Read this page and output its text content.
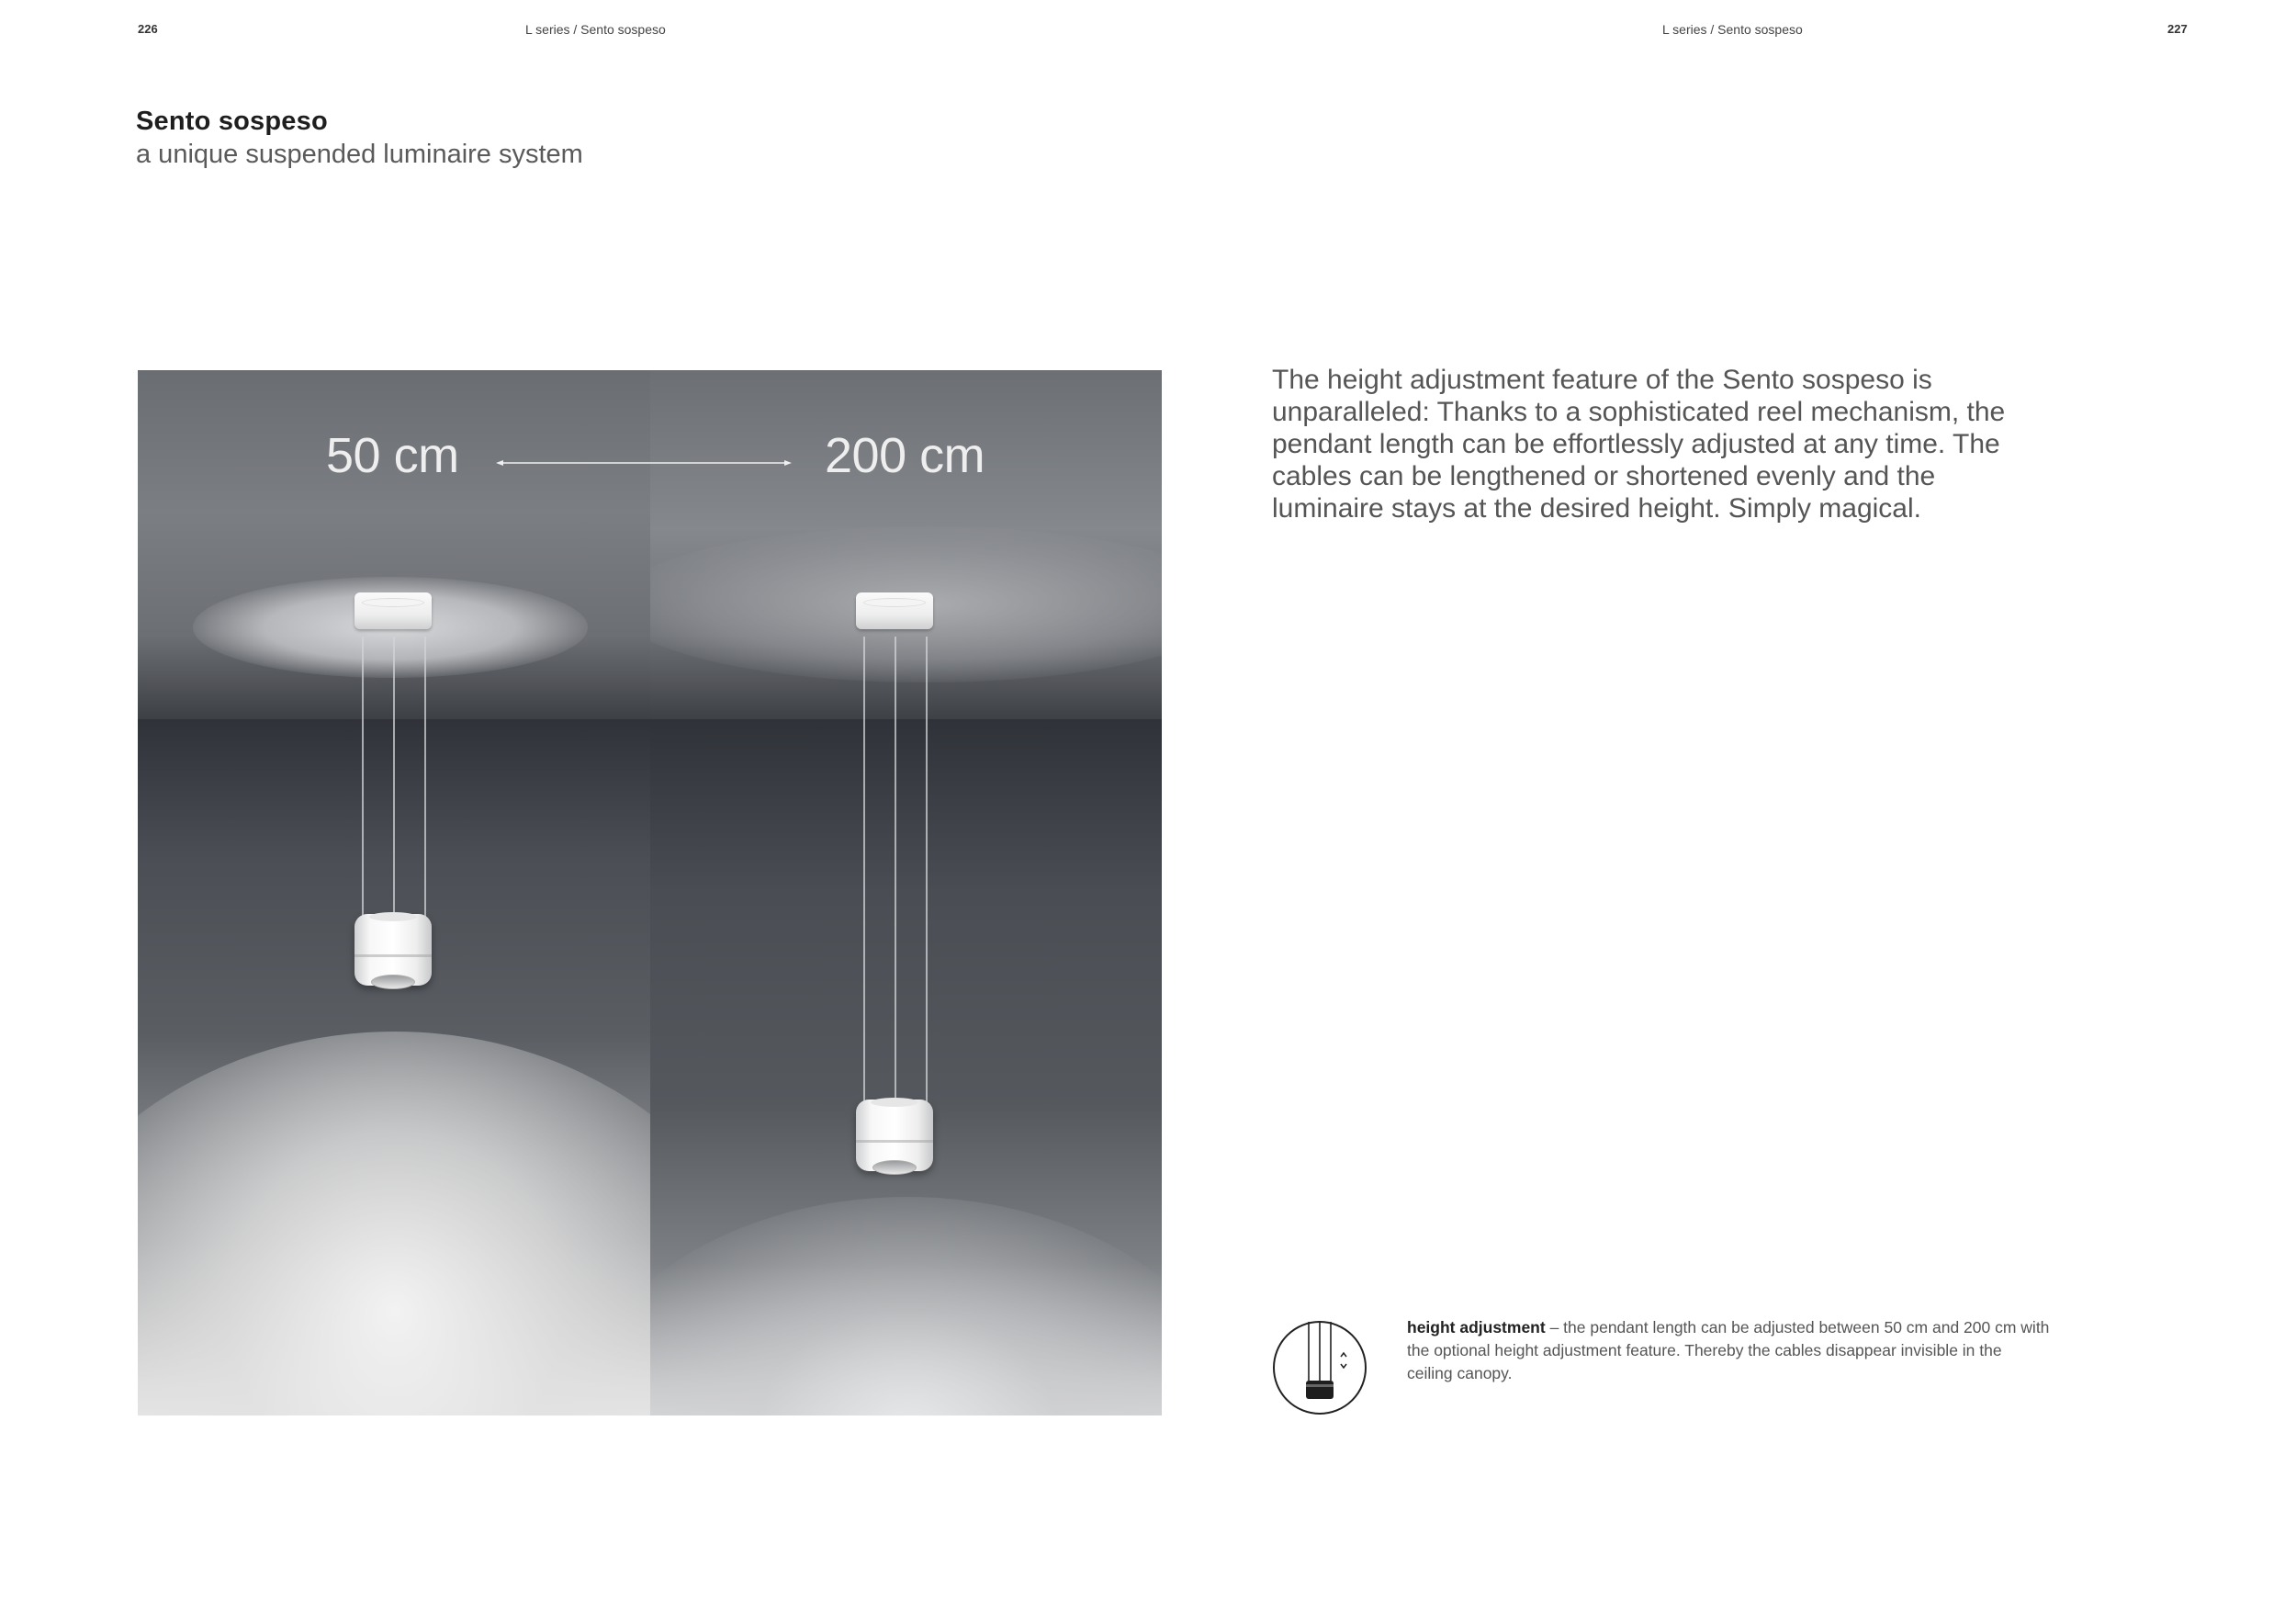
226	L series / Sento sospeso	L series / Sento sospeso	227
Sento sospeso
a unique suspended luminaire system
50 cm	200 cm
The height adjustment feature of the Sento sospeso is unparalleled: Thanks to a sophisticated reel mechanism, the pendant length can be effortlessly adjusted at any time. The cables can be lengthened or shortened evenly and the luminaire stays at the desired height. Simply magical.
height adjustment – the pendant length can be adjusted between 50 cm and 200 cm with the optional height adjustment feature. Thereby the cables disappear invisible in the ceiling canopy.
